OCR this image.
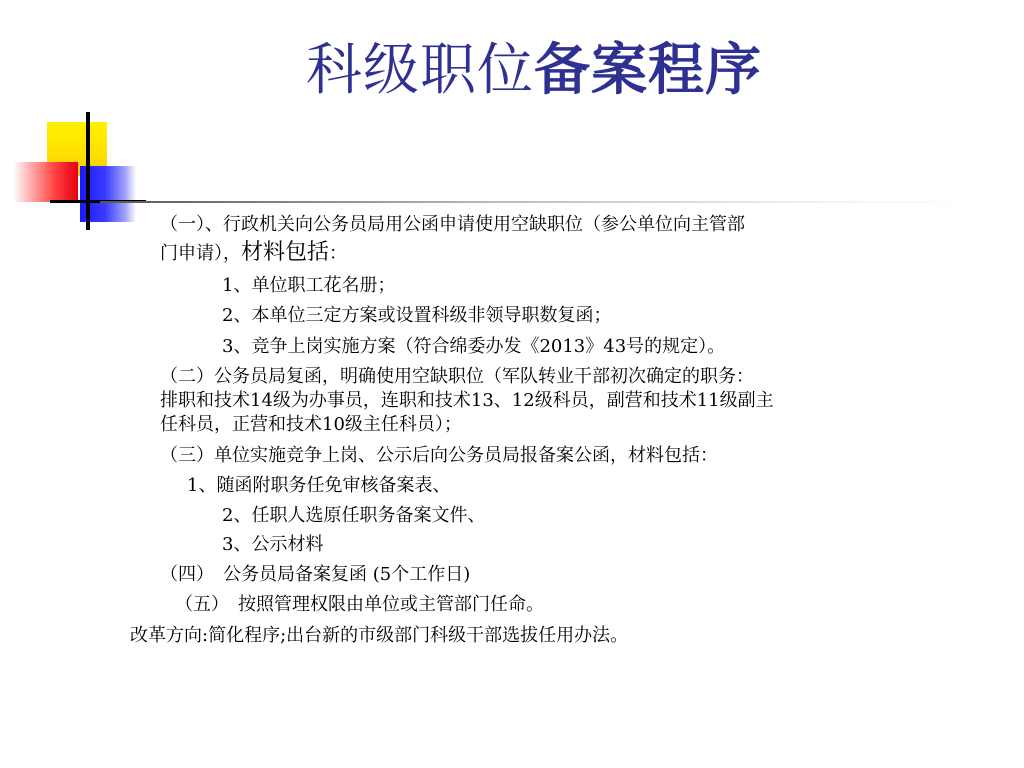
科级职位备案程序
（一）、行政机关向公务员局用公函申请使用空缺职位（参公单位向主管部
门申请），材料包括：
1、单位职工花名册；
2、本单位三定方案或设置科级非领导职数复函；
3、竞争上岗实施方案（符合绵委办发《2013》43号的规定）。
（二）公务员局复函，明确使用空缺职位（军队转业干部初次确定的职务：
排职和技术14级为办事员，连职和技术13、12级科员，副营和技术11级副主
任科员，正营和技术10级主任科员）；
（三）单位实施竞争上岗、公示后向公务员局报备案公函，材料包括：
1、随函附职务任免审核备案表、
2、任职人选原任职务备案文件、
3、公示材料
（四）　公务员局备案复函 (5个工作日)
（五）　按照管理权限由单位或主管部门任命。
改革方向:简化程序;出台新的市级部门科级干部选拔任用办法。
